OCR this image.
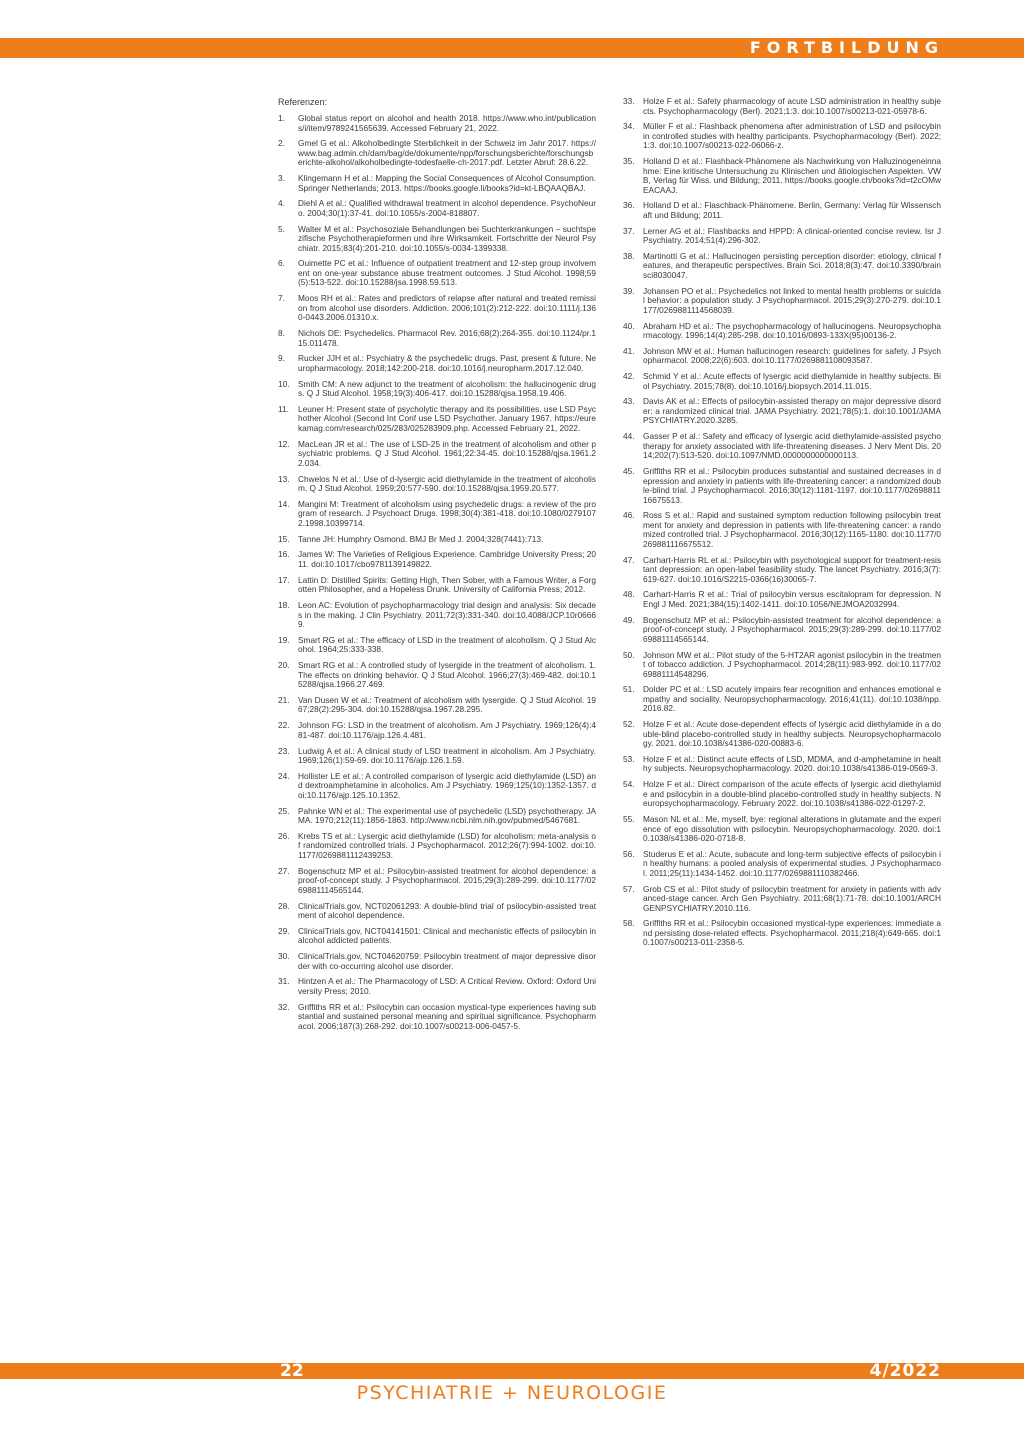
FORTBILDUNG

Referenzen:

1.	Global status report on alcohol and health 2018. https://www.who.int/publications/i/item/9789241565639. Accessed February 21, 2022.
2.	Gmel G et al.: Alkoholbedingte Sterblichkeit in der Schweiz im Jahr 2017. https://www.bag.admin.ch/dam/bag/de/dokumente/npp/forschungsberichte/forschungsberichte-alkohol/alkoholbedingte-todesfaelle-ch-2017.pdf. Letzter Abruf: 28.6.22.
3.	Klingemann H et al.: Mapping the Social Consequences of Alcohol Consumption. Springer Netherlands; 2013. https://books.google.li/books?id=kt-LBQAAQBAJ.
4.	Diehl A et al.: Qualified withdrawal treatment in alcohol dependence. PsychoNeuro. 2004;30(1):37-41. doi:10.1055/s-2004-818807.
5.	Walter M et al.: Psychosoziale Behandlungen bei Suchterkrankungen – suchtspezifische Psychotherapieformen und ihre Wirksamkeit. Fortschritte der Neurol Psychiatr. 2015;83(4):201-210. doi:10.1055/s-0034-1399338.
6.	Ouimette PC et al.: Influence of outpatient treatment and 12-step group involvement on one-year substance abuse treatment outcomes. J Stud Alcohol. 1998;59(5):513-522. doi:10.15288/jsa.1998.59.513.
7.	Moos RH et al.: Rates and predictors of relapse after natural and treated remission from alcohol use disorders. Addiction. 2006;101(2):212-222. doi:10.1111/j.1360-0443.2006.01310.x.
8.	Nichols DE: Psychedelics. Pharmacol Rev. 2016;68(2):264-355. doi:10.1124/pr.115.011478.
9.	Rucker JJH et al.: Psychiatry & the psychedelic drugs. Past, present & future. Neuropharmacology. 2018;142:200-218. doi:10.1016/j.neuropharm.2017.12.040.
10.	Smith CM: A new adjunct to the treatment of alcoholism: the hallucinogenic drugs. Q J Stud Alcohol. 1958;19(3):406-417. doi:10.15288/qjsa.1958.19.406.
11.	Leuner H: Present state of psycholytic therapy and its possibilities. use LSD Psychother Alcohol (Second Int Conf use LSD Psychother. January 1967. https://eurekamag.com/research/025/283/025283909.php. Accessed February 21, 2022.
12.	MacLean JR et al.: The use of LSD-25 in the treatment of alcoholism and other psychiatric problems. Q J Stud Alcohol. 1961;22:34-45. doi:10.15288/qjsa.1961.22.034.
13.	Chwelos N et al.: Use of d-lysergic acid diethylamide in the treatment of alcoholism. Q J Stud Alcohol. 1959;20:577-590. doi:10.15288/qjsa.1959.20.577.
14.	Mangini M: Treatment of alcoholism using psychedelic drugs: a review of the program of research. J Psychoact Drugs. 1998;30(4):381-418. doi:10.1080/02791072.1998.10399714.
15.	Tanne JH: Humphry Osmond. BMJ Br Med J. 2004;328(7441):713.
16.	James W: The Varieties of Religious Experience. Cambridge University Press; 2011. doi:10.1017/cbo9781139149822.
17.	Lattin D: Distilled Spirits: Getting High, Then Sober, with a Famous Writer, a Forgotten Philosopher, and a Hopeless Drunk. University of California Press; 2012.
18.	Leon AC: Evolution of psychopharmacology trial design and analysis: Six decades in the making. J Clin Psychiatry. 2011;72(3):331-340. doi:10.4088/JCP.10r06669.
19.	Smart RG et al.: The efficacy of LSD in the treatment of alcoholism. Q J Stud Alcohol. 1964;25:333-338.
20.	Smart RG et al.: A controlled study of lysergide in the treatment of alcoholism. 1. The effects on drinking behavior. Q J Stud Alcohol. 1966;27(3):469-482. doi:10.15288/qjsa.1966.27.469.
21.	Van Dusen W et al.: Treatment of alcoholism with lysergide. Q J Stud Alcohol. 1967;28(2):295-304. doi:10.15288/qjsa.1967.28.295.
22.	Johnson FG: LSD in the treatment of alcoholism. Am J Psychiatry. 1969;126(4):481-487. doi:10.1176/ajp.126.4.481.
23.	Ludwig A et al.: A clinical study of LSD treatment in alcoholism. Am J Psychiatry. 1969;126(1):59-69. doi:10.1176/ajp.126.1.59.
24.	Hollister LE et al.: A controlled comparison of lysergic acid diethylamide (LSD) and dextroamphetamine in alcoholics. Am J Psychiatry. 1969;125(10):1352-1357. doi:10.1176/ajp.125.10.1352.
25.	Pahnke WN et al.: The experimental use of psychedelic (LSD) psychotherapy. JAMA. 1970;212(11):1856-1863. http://www.ncbi.nlm.nih.gov/pubmed/5467681.
26.	Krebs TS et al.: Lysergic acid diethylamide (LSD) for alcoholism: meta-analysis of randomized controlled trials. J Psychopharmacol. 2012;26(7):994-1002. doi:10.1177/0269881112439253.
27.	Bogenschutz MP et al.: Psilocybin-assisted treatment for alcohol dependence: a proof-of-concept study. J Psychopharmacol. 2015;29(3):289-299. doi:10.1177/0269881114565144.
28.	ClinicalTrials.gov, NCT02061293: A double-blind trial of psilocybin-assisted treatment of alcohol dependence.
29.	ClinicalTrials.gov, NCT04141501: Clinical and mechanistic effects of psilocybin in alcohol addicted patients.
30.	ClinicalTrials.gov, NCT04620759: Psilocybin treatment of major depressive disorder with co-occurring alcohol use disorder.
31.	Hintzen A et al.: The Pharmacology of LSD: A Critical Review. Oxford: Oxford University Press; 2010.
32.	Griffiths RR et al.: Psilocybin can occasion mystical-type experiences having substantial and sustained personal meaning and spiritual significance. Psychopharmacol. 2006;187(3):268-292. doi:10.1007/s00213-006-0457-5.
33.	Holze F et al.: Safety pharmacology of acute LSD administration in healthy subjects. Psychopharmacology (Berl). 2021;1:3. doi:10.1007/s00213-021-05978-6.
34.	Müller F et al.: Flashback phenomena after administration of LSD and psilocybin in controlled studies with healthy participants. Psychopharmacology (Berl). 2022;1:3. doi:10.1007/s00213-022-06066-z.
35.	Holland D et al.: Flashback-Phänomene als Nachwirkung von Halluzinogeneinnahme: Eine kritische Untersuchung zu Klinischen und ätiologischen Aspekten. VWB, Verlag für Wiss. und Bildung; 2011. https://books.google.ch/books?id=t2cOMwEACAAJ.
36.	Holland D et al.: Flaschback-Phänomene. Berlin, Germany: Verlag für Wissenschaft und Bildung; 2011.
37.	Lerner AG et al.: Flashbacks and HPPD: A clinical-oriented concise review. Isr J Psychiatry. 2014;51(4):296-302.
38.	Martinotti G et al.: Hallucinogen persisting perception disorder: etiology, clinical features, and therapeutic perspectives. Brain Sci. 2018;8(3):47. doi:10.3390/brainsci8030047.
39.	Johansen PO et al.: Psychedelics not linked to mental health problems or suicidal behavior: a population study. J Psychopharmacol. 2015;29(3):270-279. doi:10.1177/0269881114568039.
40.	Abraham HD et al.: The psychopharmacology of hallucinogens. Neuropsychopharmacology. 1996;14(4):285-298. doi:10.1016/0893-133X(95)00136-2.
41.	Johnson MW et al.: Human hallucinogen research: guidelines for safety. J Psychopharmacol. 2008;22(6):603. doi:10.1177/0269881108093587.
42.	Schmid Y et al.: Acute effects of lysergic acid diethylamide in healthy subjects. Biol Psychiatry. 2015;78(8). doi:10.1016/j.biopsych.2014.11.015.
43.	Davis AK et al.: Effects of psilocybin-assisted therapy on major depressive disorder: a randomized clinical trial. JAMA Psychiatry. 2021;78(5):1. doi:10.1001/JAMAPSYCHIATRY.2020.3285.
44.	Gasser P et al.: Safety and efficacy of lysergic acid diethylamide-assisted psychotherapy for anxiety associated with life-threatening diseases. J Nerv Ment Dis. 2014;202(7):513-520. doi:10.1097/NMD.0000000000000113.
45.	Griffiths RR et al.: Psilocybin produces substantial and sustained decreases in depression and anxiety in patients with life-threatening cancer: a randomized double-blind trial. J Psychopharmacol. 2016;30(12):1181-1197. doi:10.1177/0269881116675513.
46.	Ross S et al.: Rapid and sustained symptom reduction following psilocybin treatment for anxiety and depression in patients with life-threatening cancer: a randomized controlled trial. J Psychopharmacol. 2016;30(12):1165-1180. doi:10.1177/0269881116675512.
47.	Carhart-Harris RL et al.: Psilocybin with psychological support for treatment-resistant depression: an open-label feasibility study. The lancet Psychiatry. 2016;3(7):619-627. doi:10.1016/S2215-0366(16)30065-7.
48.	Carhart-Harris R et al.: Trial of psilocybin versus escitalopram for depression. N Engl J Med. 2021;384(15):1402-1411. doi:10.1056/NEJMOA2032994.
49.	Bogenschutz MP et al.: Psilocybin-assisted treatment for alcohol dependence: a proof-of-concept study. J Psychopharmacol. 2015;29(3):289-299. doi:10.1177/0269881114565144.
50.	Johnson MW et al.: Pilot study of the 5-HT2AR agonist psilocybin in the treatment of tobacco addiction. J Psychopharmacol. 2014;28(11):983-992. doi:10.1177/0269881114548296.
51.	Dolder PC et al.: LSD acutely impairs fear recognition and enhances emotional empathy and sociality. Neuropsychopharmacology. 2016;41(11). doi:10.1038/npp.2016.82.
52.	Holze F et al.: Acute dose-dependent effects of lysergic acid diethylamide in a double-blind placebo-controlled study in healthy subjects. Neuropsychopharmacology. 2021. doi:10.1038/s41386-020-00883-6.
53.	Holze F et al.: Distinct acute effects of LSD, MDMA, and d-amphetamine in healthy subjects. Neuropsychopharmacology. 2020. doi:10.1038/s41386-019-0569-3.
54.	Holze F et al.: Direct comparison of the acute effects of lysergic acid diethylamide and psilocybin in a double-blind placebo-controlled study in healthy subjects. Neuropsychopharmacology. February 2022. doi:10.1038/s41386-022-01297-2.
55.	Mason NL et al.: Me, myself, bye: regional alterations in glutamate and the experience of ego dissolution with psilocybin. Neuropsychopharmacology. 2020. doi:10.1038/s41386-020-0718-8.
56.	Studerus E et al.: Acute, subacute and long-term subjective effects of psilocybin in healthy humans: a pooled analysis of experimental studies. J Psychopharmacol. 2011;25(11):1434-1452. doi:10.1177/0269881110382466.
57.	Grob CS et al.: Pilot study of psilocybin treatment for anxiety in patients with advanced-stage cancer. Arch Gen Psychiatry. 2011;68(1):71-78. doi:10.1001/ARCHGENPSYCHIATRY.2010.116.
58.	Griffiths RR et al.: Psilocybin occasioned mystical-type experiences: immediate and persisting dose-related effects. Psychopharmacol. 2011;218(4):649-665. doi:10.1007/s00213-011-2358-5.
22	4/2022
PSYCHIATRIE + NEUROLOGIE
